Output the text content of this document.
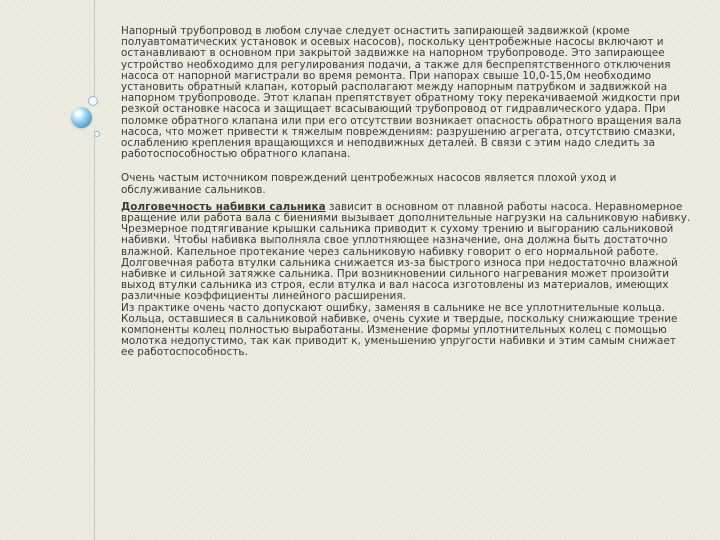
Напорный трубопровод в любом случае следует оснастить запирающей задвижкой (кроме полуавтоматических установок и осевых насосов), поскольку центробежные насосы включают и останавливают в основном при закрытой задвижке на напорном трубопроводе. Это запирающее устройство необходимо для регулирования подачи, а также для беспрепятственного отключения насоса от напорной магистрали во время ремонта. При напорах свыше 10,0-15,0м необходимо установить обратный клапан, который располагают между напорным патрубком и задвижкой на напорном трубопроводе. Этот клапан препятствует обратному току перекачиваемой жидкости при резкой остановке насоса и защищает всасывающий трубопровод от гидравлического удара. При поломке обратного клапана или при его отсутствии возникает опасность обратного вращения вала насоса, что может привести к тяжелым повреждениям: разрушению агрегата, отсутствию смазки, ослаблению крепления вращающихся и неподвижных деталей. В связи с этим надо следить за работоспособностью обратного клапана.

Очень частым источником повреждений центробежных насосов является плохой уход и обслуживание сальников.

Долговечность набивки сальника зависит в основном от плавной работы насоса. Неравномерное вращение или работа вала с биениями вызывает дополнительные нагрузки на сальниковую набивку.

Чрезмерное подтягивание крышки сальника приводит к сухому трению и выгоранию сальниковой набивки. Чтобы набивка выполняла свое уплотняющее назначение, она должна быть достаточно влажной. Капельное протекание через сальниковую набивку говорит о его нормальной работе. Долговечная работа втулки сальника снижается из-за быстрого износа при недостаточно влажной набивке и сильной затяжке сальника. При возникновении сильного нагревания может произойти выход втулки сальника из строя, если втулка и вал насоса изготовлены из материалов, имеющих различные коэффициенты линейного расширения.

Из практике очень часто допускают ошибку, заменяя в сальнике не все уплотнительные кольца. Кольца, оставшиеся в сальниковой набивке, очень сухие и твердые, поскольку снижающие трение компоненты колец полностью выработаны. Изменение формы уплотнительных колец с помощью молотка недопустимо, так как приводит к, уменьшению упругости набивки и этим самым снижает ее работоспособность.
